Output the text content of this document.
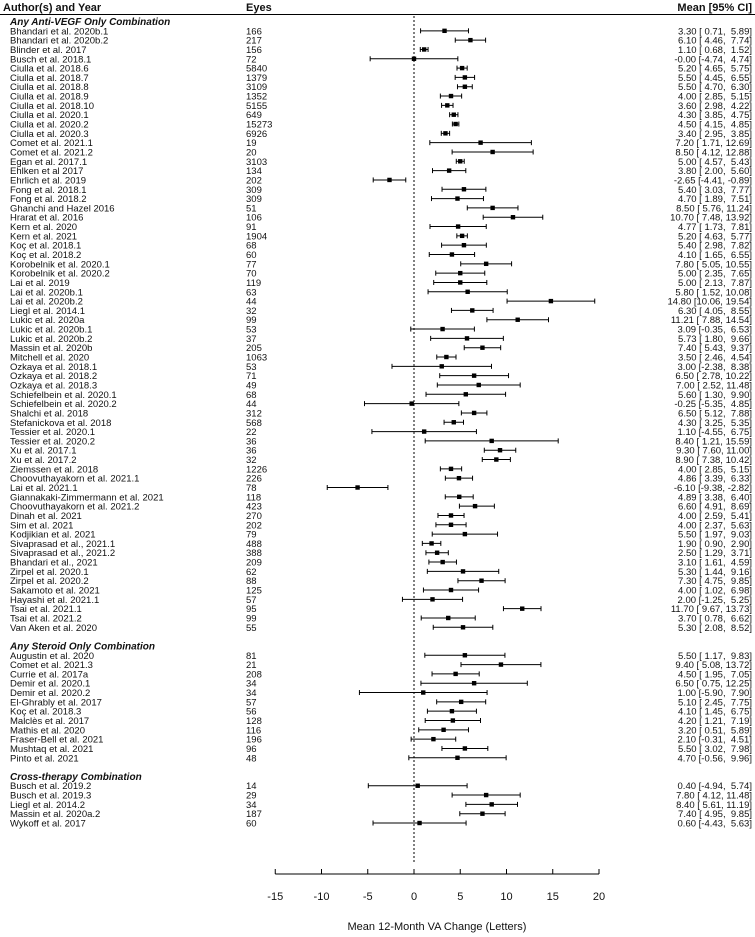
Author(s) and Year	Eyes	Mean [95% CI]
Any Anti-VEGF Only Combination
Bhandari et al. 2020b.1	166	3.30 [ 0.71,  5.89]
Bhandari et al. 2020b.2	217	6.10 [ 4.46,  7.74]
Blinder et al. 2017	156	1.10 [ 0.68,  1.52]
Busch et al. 2018.1	72	-0.00 [-4.74,  4.74]
Ciulla et al. 2018.6	5840	5.20 [ 4.65,  5.75]
Ciulla et al. 2018.7	1379	5.50 [ 4.45,  6.55]
Ciulla et al. 2018.8	3109	5.50 [ 4.70,  6.30]
Ciulla et al. 2018.9	1352	4.00 [ 2.85,  5.15]
Ciulla et al. 2018.10	5155	3.60 [ 2.98,  4.22]
Ciulla et al. 2020.1	649	4.30 [ 3.85,  4.75]
Ciulla et al. 2020.2	15273	4.50 [ 4.15,  4.85]
Ciulla et al. 2020.3	6926	3.40 [ 2.95,  3.85]
Comet et al. 2021.1	19	7.20 [ 1.71, 12.69]
Comet et al. 2021.2	20	8.50 [ 4.12, 12.88]
Egan et al. 2017.1	3103	5.00 [ 4.57,  5.43]
Ehlken et al 2017	134	3.80 [ 2.00,  5.60]
Ehrlich et al. 2019	202	-2.65 [-4.41, -0.89]
Fong et al. 2018.1	309	5.40 [ 3.03,  7.77]
Fong et al. 2018.2	309	4.70 [ 1.89,  7.51]
Ghanchi and Hazel 2016	51	8.50 [ 5.76, 11.24]
Hrarat et al. 2016	106	10.70 [ 7.48, 13.92]
Kern et al. 2020	91	4.77 [ 1.73,  7.81]
Kern et al. 2021	1904	5.20 [ 4.63,  5.77]
Koç et al. 2018.1	68	5.40 [ 2.98,  7.82]
Koç et al. 2018.2	60	4.10 [ 1.65,  6.55]
Korobelnik et al. 2020.1	77	7.80 [ 5.05, 10.55]
Korobelnik et al. 2020.2	70	5.00 [ 2.35,  7.65]
Lai et al. 2019	119	5.00 [ 2.13,  7.87]
Lai et al. 2020b.1	63	5.80 [ 1.52, 10.08]
Lai et al. 2020b.2	44	14.80 [10.06, 19.54]
Liegl et al. 2014.1	32	6.30 [ 4.05,  8.55]
Lukic et al. 2020a	99	11.21 [ 7.88, 14.54]
Lukic et al. 2020b.1	53	3.09 [-0.35,  6.53]
Lukic et al. 2020b.2	37	5.73 [ 1.80,  9.66]
Massin et al. 2020b	205	7.40 [ 5.43,  9.37]
Mitchell et al. 2020	1063	3.50 [ 2.46,  4.54]
Ozkaya et al. 2018.1	53	3.00 [-2.38,  8.38]
Ozkaya et al. 2018.2	71	6.50 [ 2.78, 10.22]
Ozkaya et al. 2018.3	49	7.00 [ 2.52, 11.48]
Schiefelbein et al. 2020.1	68	5.60 [ 1.30,  9.90]
Schiefelbein et al. 2020.2	44	-0.25 [-5.35,  4.85]
Shalchi et al. 2018	312	6.50 [ 5.12,  7.88]
Stefanickova et al. 2018	568	4.30 [ 3.25,  5.35]
Tessier et al. 2020.1	22	1.10 [-4.55,  6.75]
Tessier et al. 2020.2	36	8.40 [ 1.21, 15.59]
Xu et al. 2017.1	36	9.30 [ 7.60, 11.00]
Xu et al. 2017.2	32	8.90 [ 7.38, 10.42]
Ziemssen et al. 2018	1226	4.00 [ 2.85,  5.15]
Choovuthayakorn et al. 2021.1	226	4.86 [ 3.39,  6.33]
Lai et al. 2021.1	78	-6.10 [-9.38, -2.82]
Giannakaki-Zimmermann et al. 2021	118	4.89 [ 3.38,  6.40]
Choovuthayakorn et al. 2021.2	423	6.60 [ 4.91,  8.69]
Dinah et al. 2021	270	4.00 [ 2.59,  5.41]
Sim et al. 2021	202	4.00 [ 2.37,  5.63]
Kodjikian et al. 2021	79	5.50 [ 1.97,  9.03]
Sivaprasad et al., 2021.1	488	1.90 [ 0.90,  2.90]
Sivaprasad et al., 2021.2	388	2.50 [ 1.29,  3.71]
Bhandari et al., 2021	209	3.10 [ 1.61,  4.59]
Zirpel et al. 2020.1	62	5.30 [ 1.44,  9.16]
Zirpel et al. 2020.2	88	7.30 [ 4.75,  9.85]
Sakamoto et al. 2021	125	4.00 [ 1.02,  6.98]
Hayashi et al. 2021.1	57	2.00 [-1.25,  5.25]
Tsai et al. 2021.1	95	11.70 [ 9.67, 13.73]
Tsai et al. 2021.2	99	3.70 [ 0.78,  6.62]
Van Aken et al. 2020	55	5.30 [ 2.08,  8.52]
Any Steroid Only Combination
Augustin et al. 2020	81	5.50 [ 1.17,  9.83]
Comet et al. 2021.3	21	9.40 [ 5.08, 13.72]
Currie et al. 2017a	208	4.50 [ 1.95,  7.05]
Demir et al. 2020.1	34	6.50 [ 0.75, 12.25]
Demir et al. 2020.2	34	1.00 [-5.90,  7.90]
El-Ghrably et al. 2017	57	5.10 [ 2.45,  7.75]
Koç et al. 2018.3	56	4.10 [ 1.45,  6.75]
Malclès et al. 2017	128	4.20 [ 1.21,  7.19]
Mathis et al. 2020	116	3.20 [ 0.51,  5.89]
Fraser-Bell et al. 2021	196	2.10 [-0.31,  4.51]
Mushtaq et al. 2021	96	5.50 [ 3.02,  7.98]
Pinto et al. 2021	48	4.70 [-0.56,  9.96]
Cross-therapy Combination
Busch et al. 2019.2	14	0.40 [-4.94,  5.74]
Busch et al. 2019.3	29	7.80 [ 4.12, 11.48]
Liegl et al. 2014.2	34	8.40 [ 5.61, 11.19]
Massin et al. 2020a.2	187	7.40 [ 4.95,  9.85]
Wykoff et al. 2017	60	0.60 [-4.43,  5.63]
-15	-10	-5	0	5	10	15	20
Mean 12-Month VA Change (Letters)
